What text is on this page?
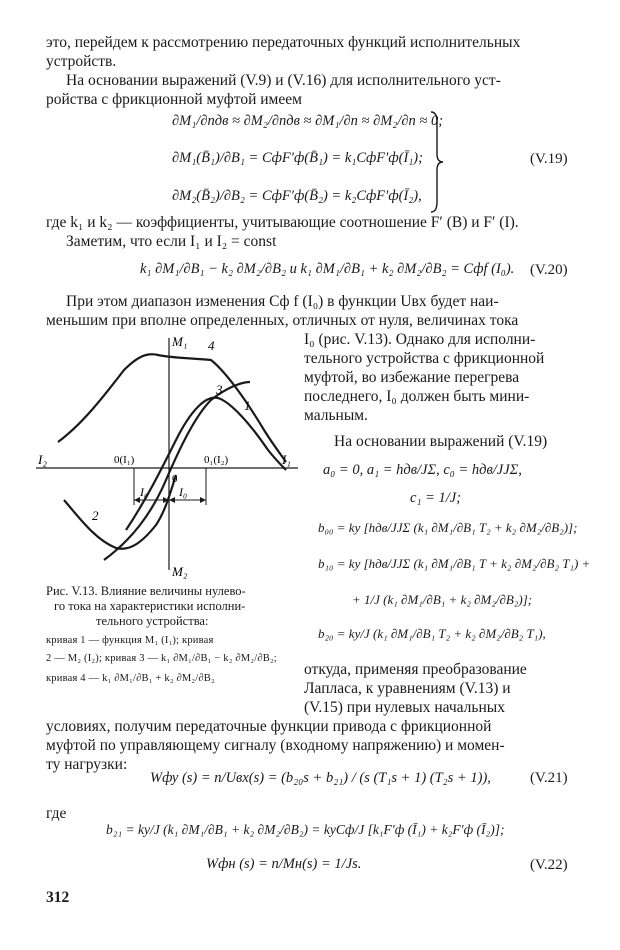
это, перейдем к рассмотрению передаточных функций исполнительных
устройств.
На основании выражений (V.9) и (V.16) для исполнительного уст-
ройства с фрикционной муфтой имеем
∂M₁/∂nдв ≈ ∂M₂/∂nдв ≈ ∂M₁/∂n ≈ ∂M₂/∂n ≈ 0;
∂M₁(B̄₁)/∂B₁ = CфF′ф(B̄₁) = k₁CфF′ф(Ī₁);
∂M₂(B̄₂)/∂B₂ = CфF′ф(B̄₂) = k₂CфF′ф(Ī₂),
(V.19)
где k₁ и k₂ — коэффициенты, учитывающие соотношение F′ (B) и F′ (I).
Заметим, что если I₁ и I₂ = const
k₁ ∂M₁/∂B₁ − k₂ ∂M₂/∂B₂ и k₁ ∂M₁/∂B₁ + k₂ ∂M₂/∂B₂ = Cфf (I₀). (V.20)
При этом диапазон изменения Cф f (I₀) в функции Uвх будет наи-
меньшим при вполне определенных, отличных от нуля, величинах тока
I₀ (рис. V.13). Однако для исполни-
тельного устройства с фрикционной
муфтой, во избежание перегрева
последнего, I₀ должен быть мини-
мальным.
На основании выражений (V.19)
a₀ = 0, a₁ = hдв/JΣ, c₀ = hдв/JJΣ,
c₁ = 1/J;
b₀₀ = kу [hдв/JJΣ (k₁ ∂M₁/∂B₁ T₂ + k₂ ∂M₂/∂B₂)];
b₁₀ = kу [hдв/JJΣ (k₁ ∂M₁/∂B₁ T + k₂ ∂M₂/∂B₂ T₁) +
+ 1/J (k₁ ∂M₁/∂B₁ + k₂ ∂M₂/∂B₂)];
b₂₀ = kу/J (k₁ ∂M₁/∂B₁ T₂ + k₂ ∂M₂/∂B₂ T₁),
откуда, применяя преобразование
Лапласа, к уравнениям (V.13) и
(V.15) при нулевых начальных
M₁
M₂
I₁
I₂
4
3
1
2
0(I₁)	0₁(I₂)
0
I₀	I₀
Рис. V.13. Влияние величины нулево-
го тока на характеристики исполни-
тельного устройства:
кривая 1 — функция M₁ (I₁); кривая
2 — M₂ (I₂); кривая 3 — k₁ ∂M₁/∂B₁ − k₂ ∂M₂/∂B₂;
кривая 4 — k₁ ∂M₁/∂B₁ + k₂ ∂M₂/∂B₂
условиях, получим передаточные функции привода с фрикционной
муфтой по управляющему сигналу (входному напряжению) и момен-
ту нагрузки:
Wфу (s) = n/Uвх(s) = (b₂₀s + b₂₁) / (s (T₁s + 1) (T₂s + 1)),	(V.21)
где
b₂₁ = kу/J (k₁ ∂M₁/∂B₁ + k₂ ∂M₂/∂B₂) = kуCф/J [k₁F′ф (Ī₁) + k₂F′ф (Ī₂)];
Wфн (s) = n/Mн(s) = 1/Js.	(V.22)
312
